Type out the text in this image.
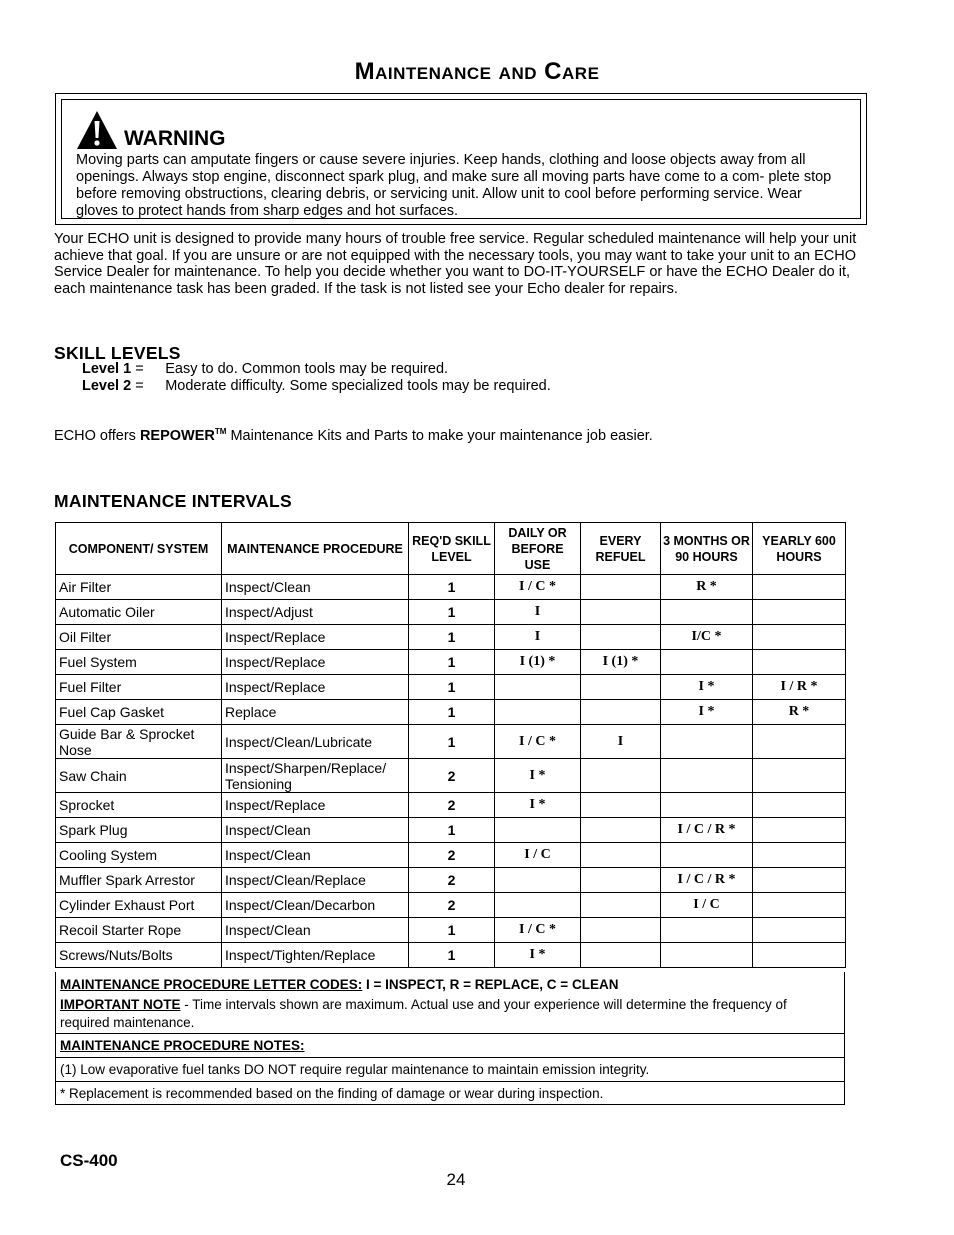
Maintenance and Care
WARNING
Moving parts can amputate fingers or cause severe injuries. Keep hands, clothing and loose objects away from all openings. Always stop engine, disconnect spark plug, and make sure all moving parts have come to a com- plete stop before removing obstructions, clearing debris, or servicing unit. Allow unit to cool before performing service. Wear gloves to protect hands from sharp edges and hot surfaces.
Your ECHO unit is designed to provide many hours of trouble free service. Regular scheduled maintenance will help your unit achieve that goal. If you are unsure or are not equipped with the necessary tools, you may want to take your unit to an ECHO Service Dealer for maintenance. To help you decide whether you want to DO-IT-YOURSELF or have the ECHO Dealer do it, each maintenance task has been graded. If the task is not listed see your Echo dealer for repairs.
SKILL LEVELS
Level 1 = Easy to do. Common tools may be required.
Level 2 = Moderate difficulty. Some specialized tools may be required.
ECHO offers REPOWER™ Maintenance Kits and Parts to make your maintenance job easier.
MAINTENANCE INTERVALS
COMPONENT/ SYSTEM	MAINTENANCE PROCEDURE	REQ'D SKILL LEVEL	DAILY OR BEFORE USE	EVERY REFUEL	3 MONTHS OR 90 HOURS	YEARLY 600 HOURS
Air Filter	Inspect/Clean	1	I / C *		R *	
Automatic Oiler	Inspect/Adjust	1	I			
Oil Filter	Inspect/Replace	1	I		I/C *	
Fuel System	Inspect/Replace	1	I (1) *	I (1) *		
Fuel Filter	Inspect/Replace	1			I *	I / R *
Fuel Cap Gasket	Replace	1			I *	R *
Guide Bar & Sprocket Nose	Inspect/Clean/Lubricate	1	I / C *	I		
Saw Chain	Inspect/Sharpen/Replace/ Tensioning	2	I *			
Sprocket	Inspect/Replace	2	I *			
Spark Plug	Inspect/Clean	1			I / C / R *	
Cooling System	Inspect/Clean	2	I / C			
Muffler Spark Arrestor	Inspect/Clean/Replace	2			I / C / R *	
Cylinder Exhaust Port	Inspect/Clean/Decarbon	2			I / C	
Recoil Starter Rope	Inspect/Clean	1	I / C *			
Screws/Nuts/Bolts	Inspect/Tighten/Replace	1	I *			
MAINTENANCE PROCEDURE LETTER CODES: I = INSPECT, R = REPLACE, C = CLEAN
IMPORTANT NOTE - Time intervals shown are maximum. Actual use and your experience will determine the frequency of required maintenance.
MAINTENANCE PROCEDURE NOTES:
(1) Low evaporative fuel tanks DO NOT require regular maintenance to maintain emission integrity.
* Replacement is recommended based on the finding of damage or wear during inspection.
CS-400
24
